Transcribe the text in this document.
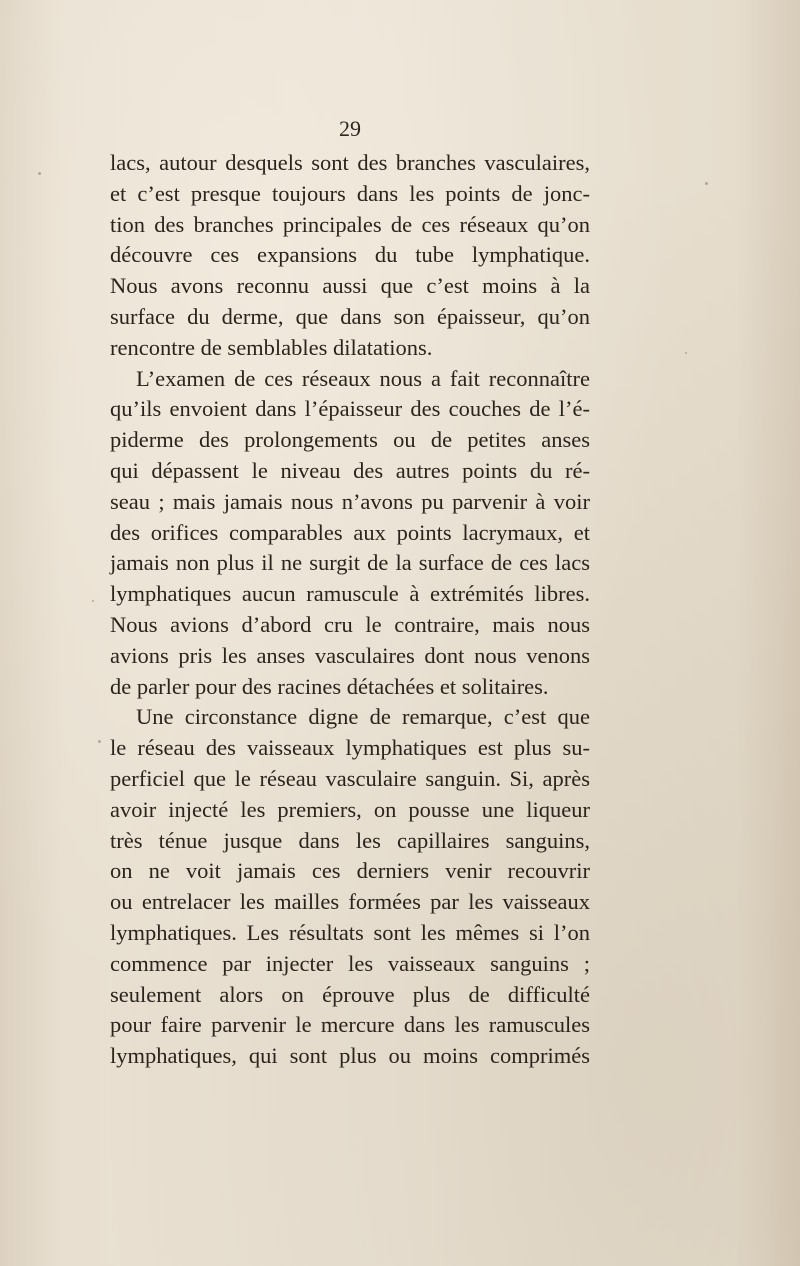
29
lacs, autour desquels sont des branches vasculaires,
et c’est presque toujours dans les points de jonc-
tion des branches principales de ces réseaux qu’on
découvre ces expansions du tube lymphatique.
Nous avons reconnu aussi que c’est moins à la
surface du derme, que dans son épaisseur, qu’on
rencontre de semblables dilatations.
L’examen de ces réseaux nous a fait reconnaître
qu’ils envoient dans l’épaisseur des couches de l’é-
piderme des prolongements ou de petites anses
qui dépassent le niveau des autres points du ré-
seau ; mais jamais nous n’avons pu parvenir à voir
des orifices comparables aux points lacrymaux, et
jamais non plus il ne surgit de la surface de ces lacs
lymphatiques aucun ramuscule à extrémités libres.
Nous avions d’abord cru le contraire, mais nous
avions pris les anses vasculaires dont nous venons
de parler pour des racines détachées et solitaires.
Une circonstance digne de remarque, c’est que
le réseau des vaisseaux lymphatiques est plus su-
perficiel que le réseau vasculaire sanguin. Si, après
avoir injecté les premiers, on pousse une liqueur
très ténue jusque dans les capillaires sanguins,
on ne voit jamais ces derniers venir recouvrir
ou entrelacer les mailles formées par les vaisseaux
lymphatiques. Les résultats sont les mêmes si l’on
commence par injecter les vaisseaux sanguins ;
seulement alors on éprouve plus de difficulté
pour faire parvenir le mercure dans les ramuscules
lymphatiques, qui sont plus ou moins comprimés
